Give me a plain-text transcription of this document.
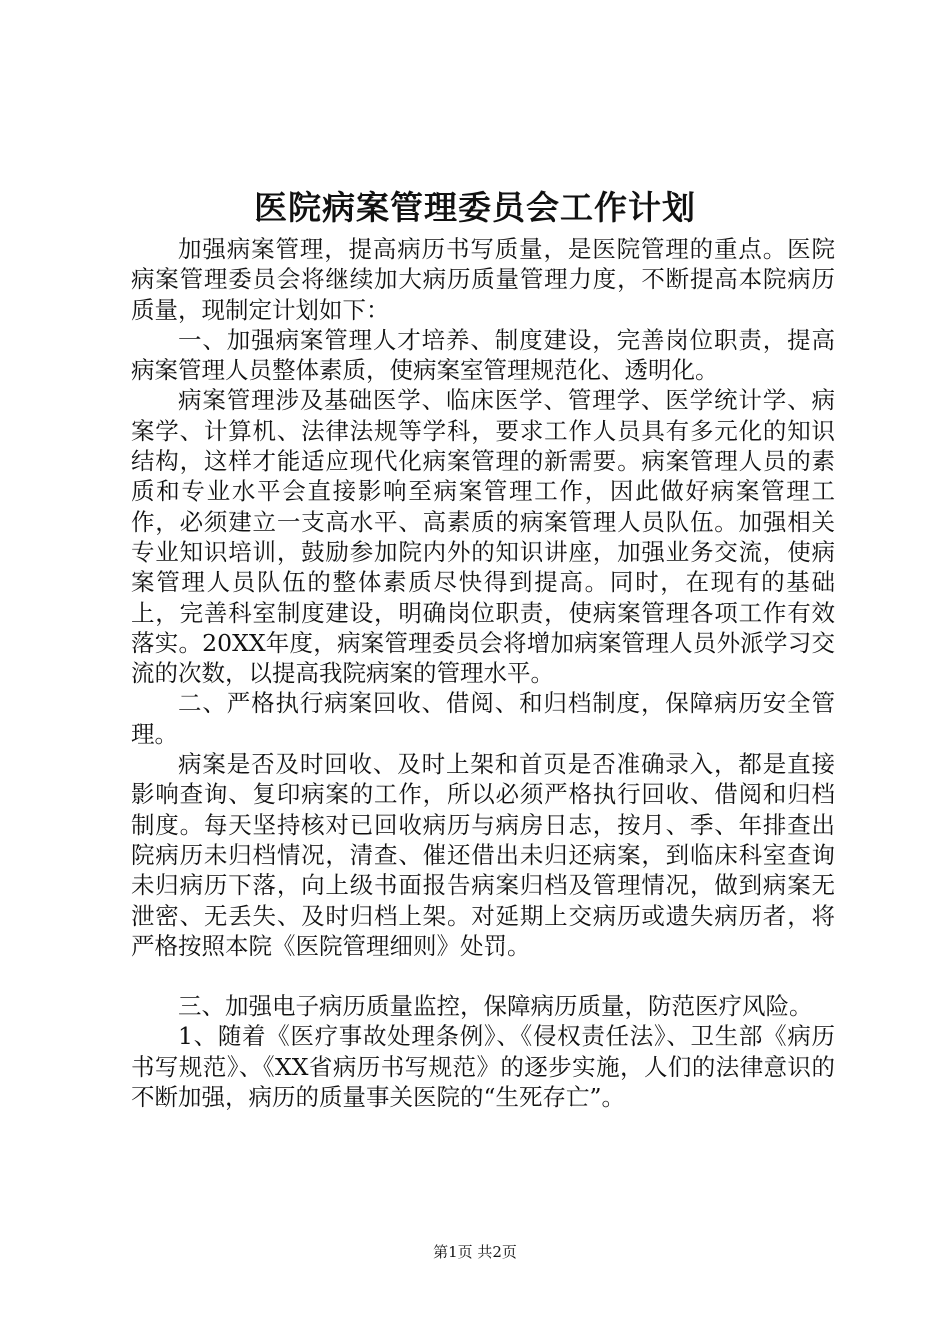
医院病案管理委员会工作计划

加强病案管理，提高病历书写质量，是医院管理的重点。医院病案管理委员会将继续加大病历质量管理力度，不断提高本院病历质量，现制定计划如下：

一、加强病案管理人才培养、制度建设，完善岗位职责，提高病案管理人员整体素质，使病案室管理规范化、透明化。

病案管理涉及基础医学、临床医学、管理学、医学统计学、病案学、计算机、法律法规等学科，要求工作人员具有多元化的知识结构，这样才能适应现代化病案管理的新需要。病案管理人员的素质和专业水平会直接影响至病案管理工作，因此做好病案管理工作，必须建立一支高水平、高素质的病案管理人员队伍。加强相关专业知识培训，鼓励参加院内外的知识讲座，加强业务交流，使病案管理人员队伍的整体素质尽快得到提高。同时，在现有的基础上，完善科室制度建设，明确岗位职责，使病案管理各项工作有效落实。20XX年度，病案管理委员会将增加病案管理人员外派学习交流的次数，以提高我院病案的管理水平。

二、严格执行病案回收、借阅、和归档制度，保障病历安全管理。

病案是否及时回收、及时上架和首页是否准确录入，都是直接影响查询、复印病案的工作，所以必须严格执行回收、借阅和归档制度。每天坚持核对已回收病历与病房日志，按月、季、年排查出院病历未归档情况，清查、催还借出未归还病案，到临床科室查询未归病历下落，向上级书面报告病案归档及管理情况，做到病案无泄密、无丢失、及时归档上架。对延期上交病历或遗失病历者，将严格按照本院《医院管理细则》处罚。

三、加强电子病历质量监控，保障病历质量，防范医疗风险。

1、随着《医疗事故处理条例》、《侵权责任法》、卫生部《病历书写规范》、《XX省病历书写规范》的逐步实施，人们的法律意识的不断加强，病历的质量事关医院的“生死存亡”。

第1页 共2页
